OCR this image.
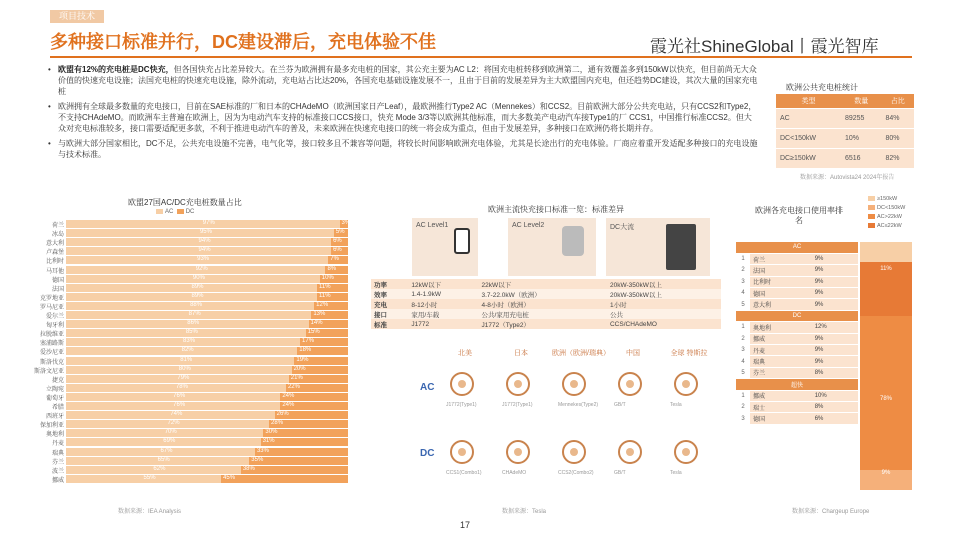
项目技术
多种接口标准并行，DC建设滞后，充电体验不佳	霞光社ShineGlobal丨霞光智库
• 欧盟有12%的充电桩是DC快充，但各国快充占比差异较大。在兰芬为欧洲拥有最多充电桩的国家，其公充主要为AC L2：将国充电桩转移到欧洲第二，通有效覆盖多到150kW以快充，但目前尚无大众价值的快速充电设施；法国充电桩的快速充电设施，除外流动，充电站占比达20%，各国充电基础设施发展不一，且由于目前的发展差异为主大欧盟国内充电，但还趋势DC建设，其次大量的国家充电桩
• 欧洲拥有全球最多数量的充电接口，目前在SAE标准的厂和日本的CHAdeMO（欧洲国家日产Leaf），最欧洲推行Type2 AC（Mennekes）和CCS2。目前欧洲大部分公共充电站，只有CCS2和Type2，不支持CHAdeMO。而欧洲车主普遍在欧洲上，因为为电动汽车支持的标准接口CCS接口，快充 Mode 3/3等以欧洲其他标准，而大多数美产电动汽车接Type1的厂 CCS1，中国推行标准CCS2。但大众对充电标准较多，接口需要适配更多款，不利于推进电动汽车的普及，未来欧洲在快速充电接口的统一将会成为重点，但由于发展差异，多种接口在欧洲仍将长期并存。
• 与欧洲大部分国家相比，DC不足，公共充电设施不完善，电气化等，接口较多且不兼容等问题，将较长时间影响欧洲充电体验，尤其是长途出行的充电体验。厂商应着重开发适配多种接口的充电设施与技术标准。
欧洲公共充电桩统计
类型	数量	占比
AC	89255	84%
DC<150kW	10%	80%
DC≥150kW	6516	82%
数据来源：Autovista24 2024年报告
欧盟27国AC/DC充电桩数量占比
AC DC
荷兰	97%	3%
冰岛	95%	5%
意大利	94%	6%
卢森堡	94%	6%
比利时	93%	7%
马耳他	92%	8%
德国	90%	10%
法国	89%	11%
克罗地亚	89%	11%
罗马尼亚	88%	12%
爱尔兰	87%	13%
匈牙利	86%	14%
拉脱维亚	85%	15%
塞浦路斯	83%	17%
爱沙尼亚	82%	18%
斯洛伐克	81%	19%
斯洛文尼亚	80%	20%
捷克	79%	21%
立陶宛	78%	22%
葡萄牙	76%	24%
希腊	76%	24%
西班牙	74%	26%
保加利亚	72%	28%
奥地利	70%	30%
丹麦	69%	31%
瑞典	67%	33%
芬兰	65%	35%
波兰	62%	38%
挪威	55%	45%
数据来源：IEA Analysis
欧洲主流快充接口标准一览：标准差异
AC Level1	AC Level2	DC大流
功率	12kW以下	22kW以下	20kW-350kW以上
效率	1.4-1.9kW	3.7-22.0kW（欧洲）	20kW-350kW以上
充电	8-12小时	4-8小时（欧洲）	1小时
接口	家用/车载	公共/家用充电桩	公共
标准	J1772	J1772（Type2）	CCS/CHAdeMO
北美	日本	欧洲（欧洲/瑞典）	中国	全球 特斯拉
AC
DC
J1772(Type1)	J1772(Type1)	Mennekes(Type2)	GB/T	Tesla
CCS1(Combo1)	CHAdeMO	CCS2(Combo2)	GB/T	Tesla
数据来源：Tesla
欧洲各充电接口使用率排名
AC		
1	荷兰	9%
2	法国	9%
3	比利时	9%
4	德国	9%
5	意大利	9%
DC		
1	奥地利	12%
2	挪威	9%
3	丹麦	9%
4	瑞典	9%
5	芬兰	8%
超快		
1	挪威	10%
2	瑞士	8%
3	德国	6%
11%
78%
9%
≥150kW
DC<150kW
AC>22kW
AC≤22kW
数据来源：Chargeup Europe
17
